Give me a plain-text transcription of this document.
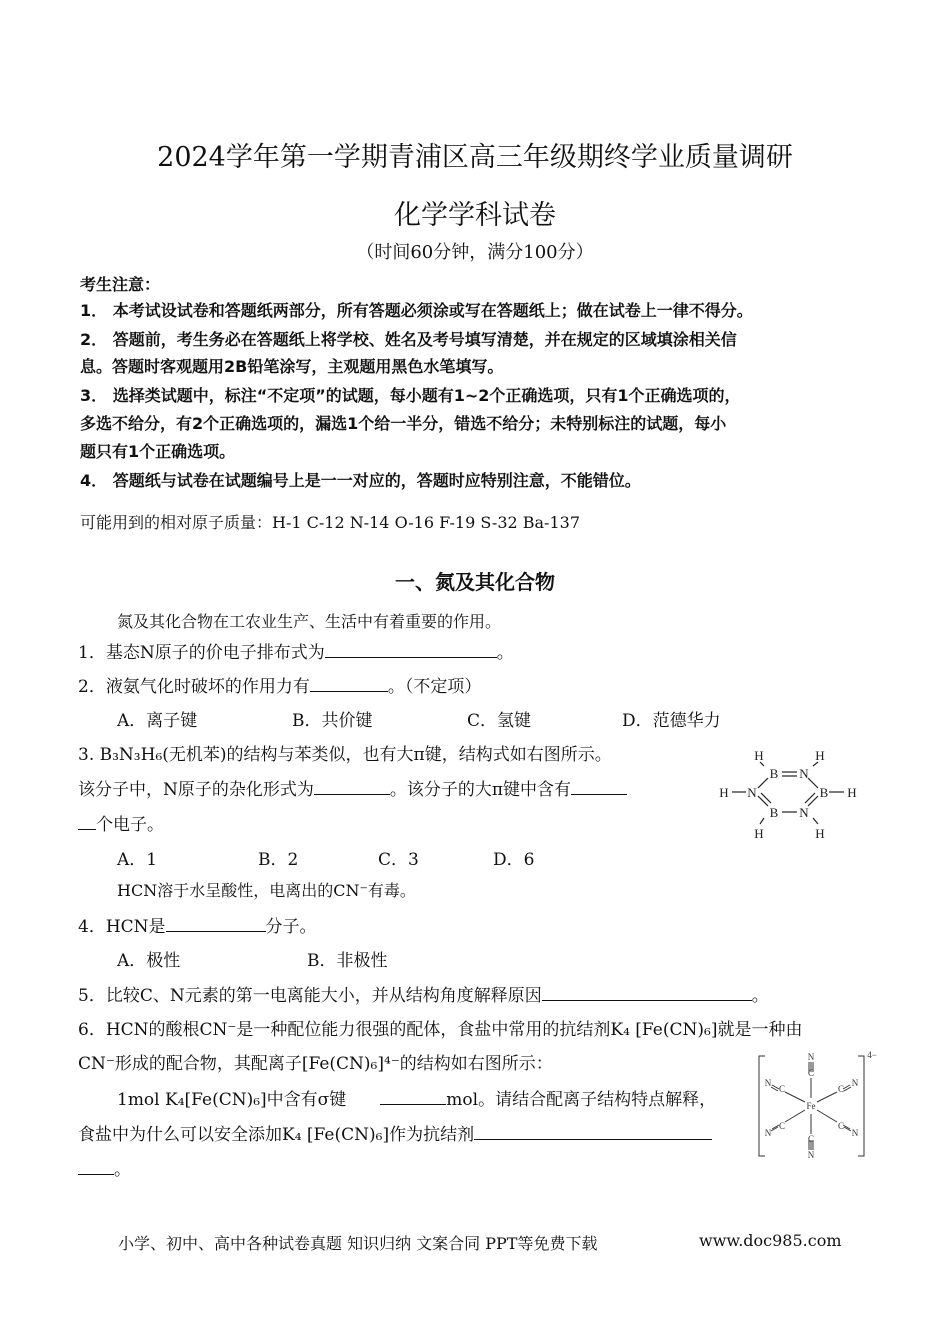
2024学年第一学期青浦区高三年级期终学业质量调研
化学学科试卷
（时间60分钟，满分100分）
考生注意：
1． 本考试设试卷和答题纸两部分，所有答题必须涂或写在答题纸上；做在试卷上一律不得分。
2． 答题前，考生务必在答题纸上将学校、姓名及考号填写清楚，并在规定的区域填涂相关信
息。答题时客观题用2B铅笔涂写，主观题用黑色水笔填写。
3． 选择类试题中，标注“不定项”的试题，每小题有1~2个正确选项，只有1个正确选项的，
多选不给分，有2个正确选项的，漏选1个给一半分，错选不给分；未特别标注的试题，每小
题只有1个正确选项。
4． 答题纸与试卷在试题编号上是一一对应的，答题时应特别注意，不能错位。
可能用到的相对原子质量：H-1 C-12 N-14 O-16 F-19 S-32 Ba-137
一、氮及其化合物
氮及其化合物在工农业生产、生活中有着重要的作用。
1．基态N原子的价电子排布式为	。
2．液氨气化时破坏的作用力有	。（不定项）
A．离子键	B．共价键	C．氢键	D．范德华力
3. B₃N₃H₆(无机苯)的结构与苯类似，也有大π键，结构式如右图所示。
该分子中，N原子的杂化形式为	。该分子的大π键中含有
个电子。
A．1	B．2	C．3	D．6
H	H
B N
H N	B H
B N
H	H
HCN溶于水呈酸性，电离出的CN⁻有毒。
4．HCN是	分子。
A．极性	B．非极性
5．比较C、N元素的第一电离能大小，并从结构角度解释原因	。
6．HCN的酸根CN⁻是一种配位能力很强的配体，食盐中常用的抗结剂K₄ [Fe(CN)₆]就是一种由
CN⁻形成的配合物，其配离子[Fe(CN)₆]⁴⁻的结构如右图所示：
1mol K₄[Fe(CN)₆]中含有σ键	mol。请结合配离子结构特点解释，
食盐中为什么可以安全添加K₄ [Fe(CN)₆]作为抗结剂
。
Fe
C
N
C
N
C
N
C
N
C
N
C
N
4−
小学、初中、高中各种试卷真题 知识归纳 文案合同 PPT等免费下载	www.doc985.com
